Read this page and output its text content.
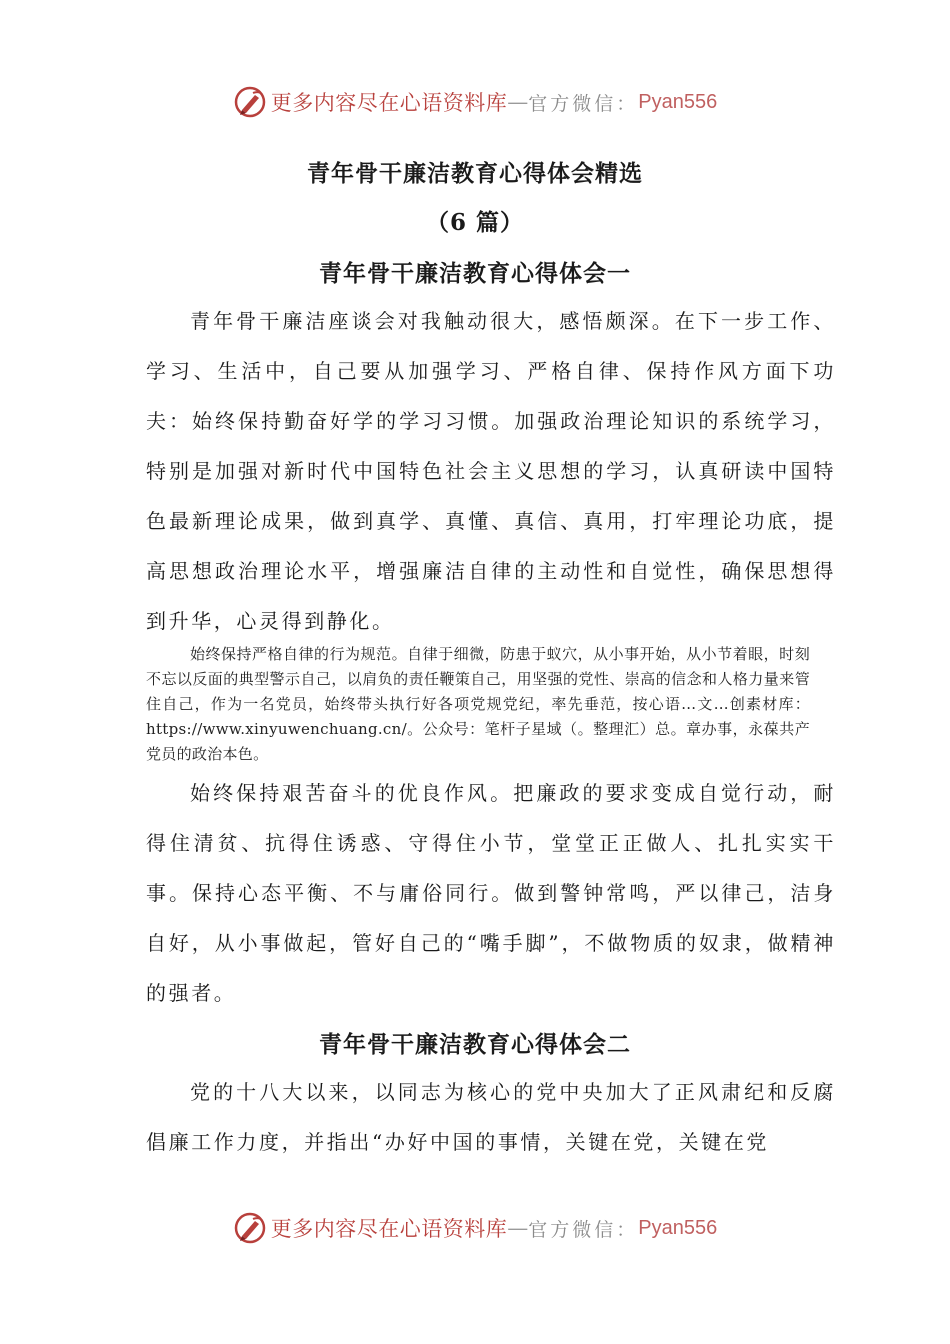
更多内容尽在心语资料库 — 官方微信： Pyan556
青年骨干廉洁教育心得体会精选
（6 篇）
青年骨干廉洁教育心得体会一

青年骨干廉洁座谈会对我触动很大，感悟颇深。在下一步工作、学习、生活中，自己要从加强学习、严格自律、保持作风方面下功夫：始终保持勤奋好学的学习习惯。加强政治理论知识的系统学习，特别是加强对新时代中国特色社会主义思想的学习，认真研读中国特色最新理论成果，做到真学、真懂、真信、真用，打牢理论功底，提高思想政治理论水平，增强廉洁自律的主动性和自觉性，确保思想得到升华，心灵得到静化。

始终保持严格自律的行为规范。自律于细微，防患于蚁穴，从小事开始，从小节着眼，时刻不忘以反面的典型警示自己，以肩负的责任鞭策自己，用坚强的党性、崇高的信念和人格力量来管住自己，作为一名党员，始终带头执行好各项党规党纪，率先垂范，按心语…文…创素材库：https://www.xinyuwenchuang.cn/。公众号：笔杆子星域（。整理汇）总。章办事，永葆共产党员的政治本色。

始终保持艰苦奋斗的优良作风。把廉政的要求变成自觉行动，耐得住清贫、抗得住诱惑、守得住小节，堂堂正正做人、扎扎实实干事。保持心态平衡、不与庸俗同行。做到警钟常鸣，严以律己，洁身自好，从小事做起，管好自己的“嘴手脚”，不做物质的奴隶，做精神的强者。

青年骨干廉洁教育心得体会二

党的十八大以来，以同志为核心的党中央加大了正风肃纪和反腐倡廉工作力度，并指出“办好中国的事情，关键在党，关键在党

更多内容尽在心语资料库 — 官方微信： Pyan556
